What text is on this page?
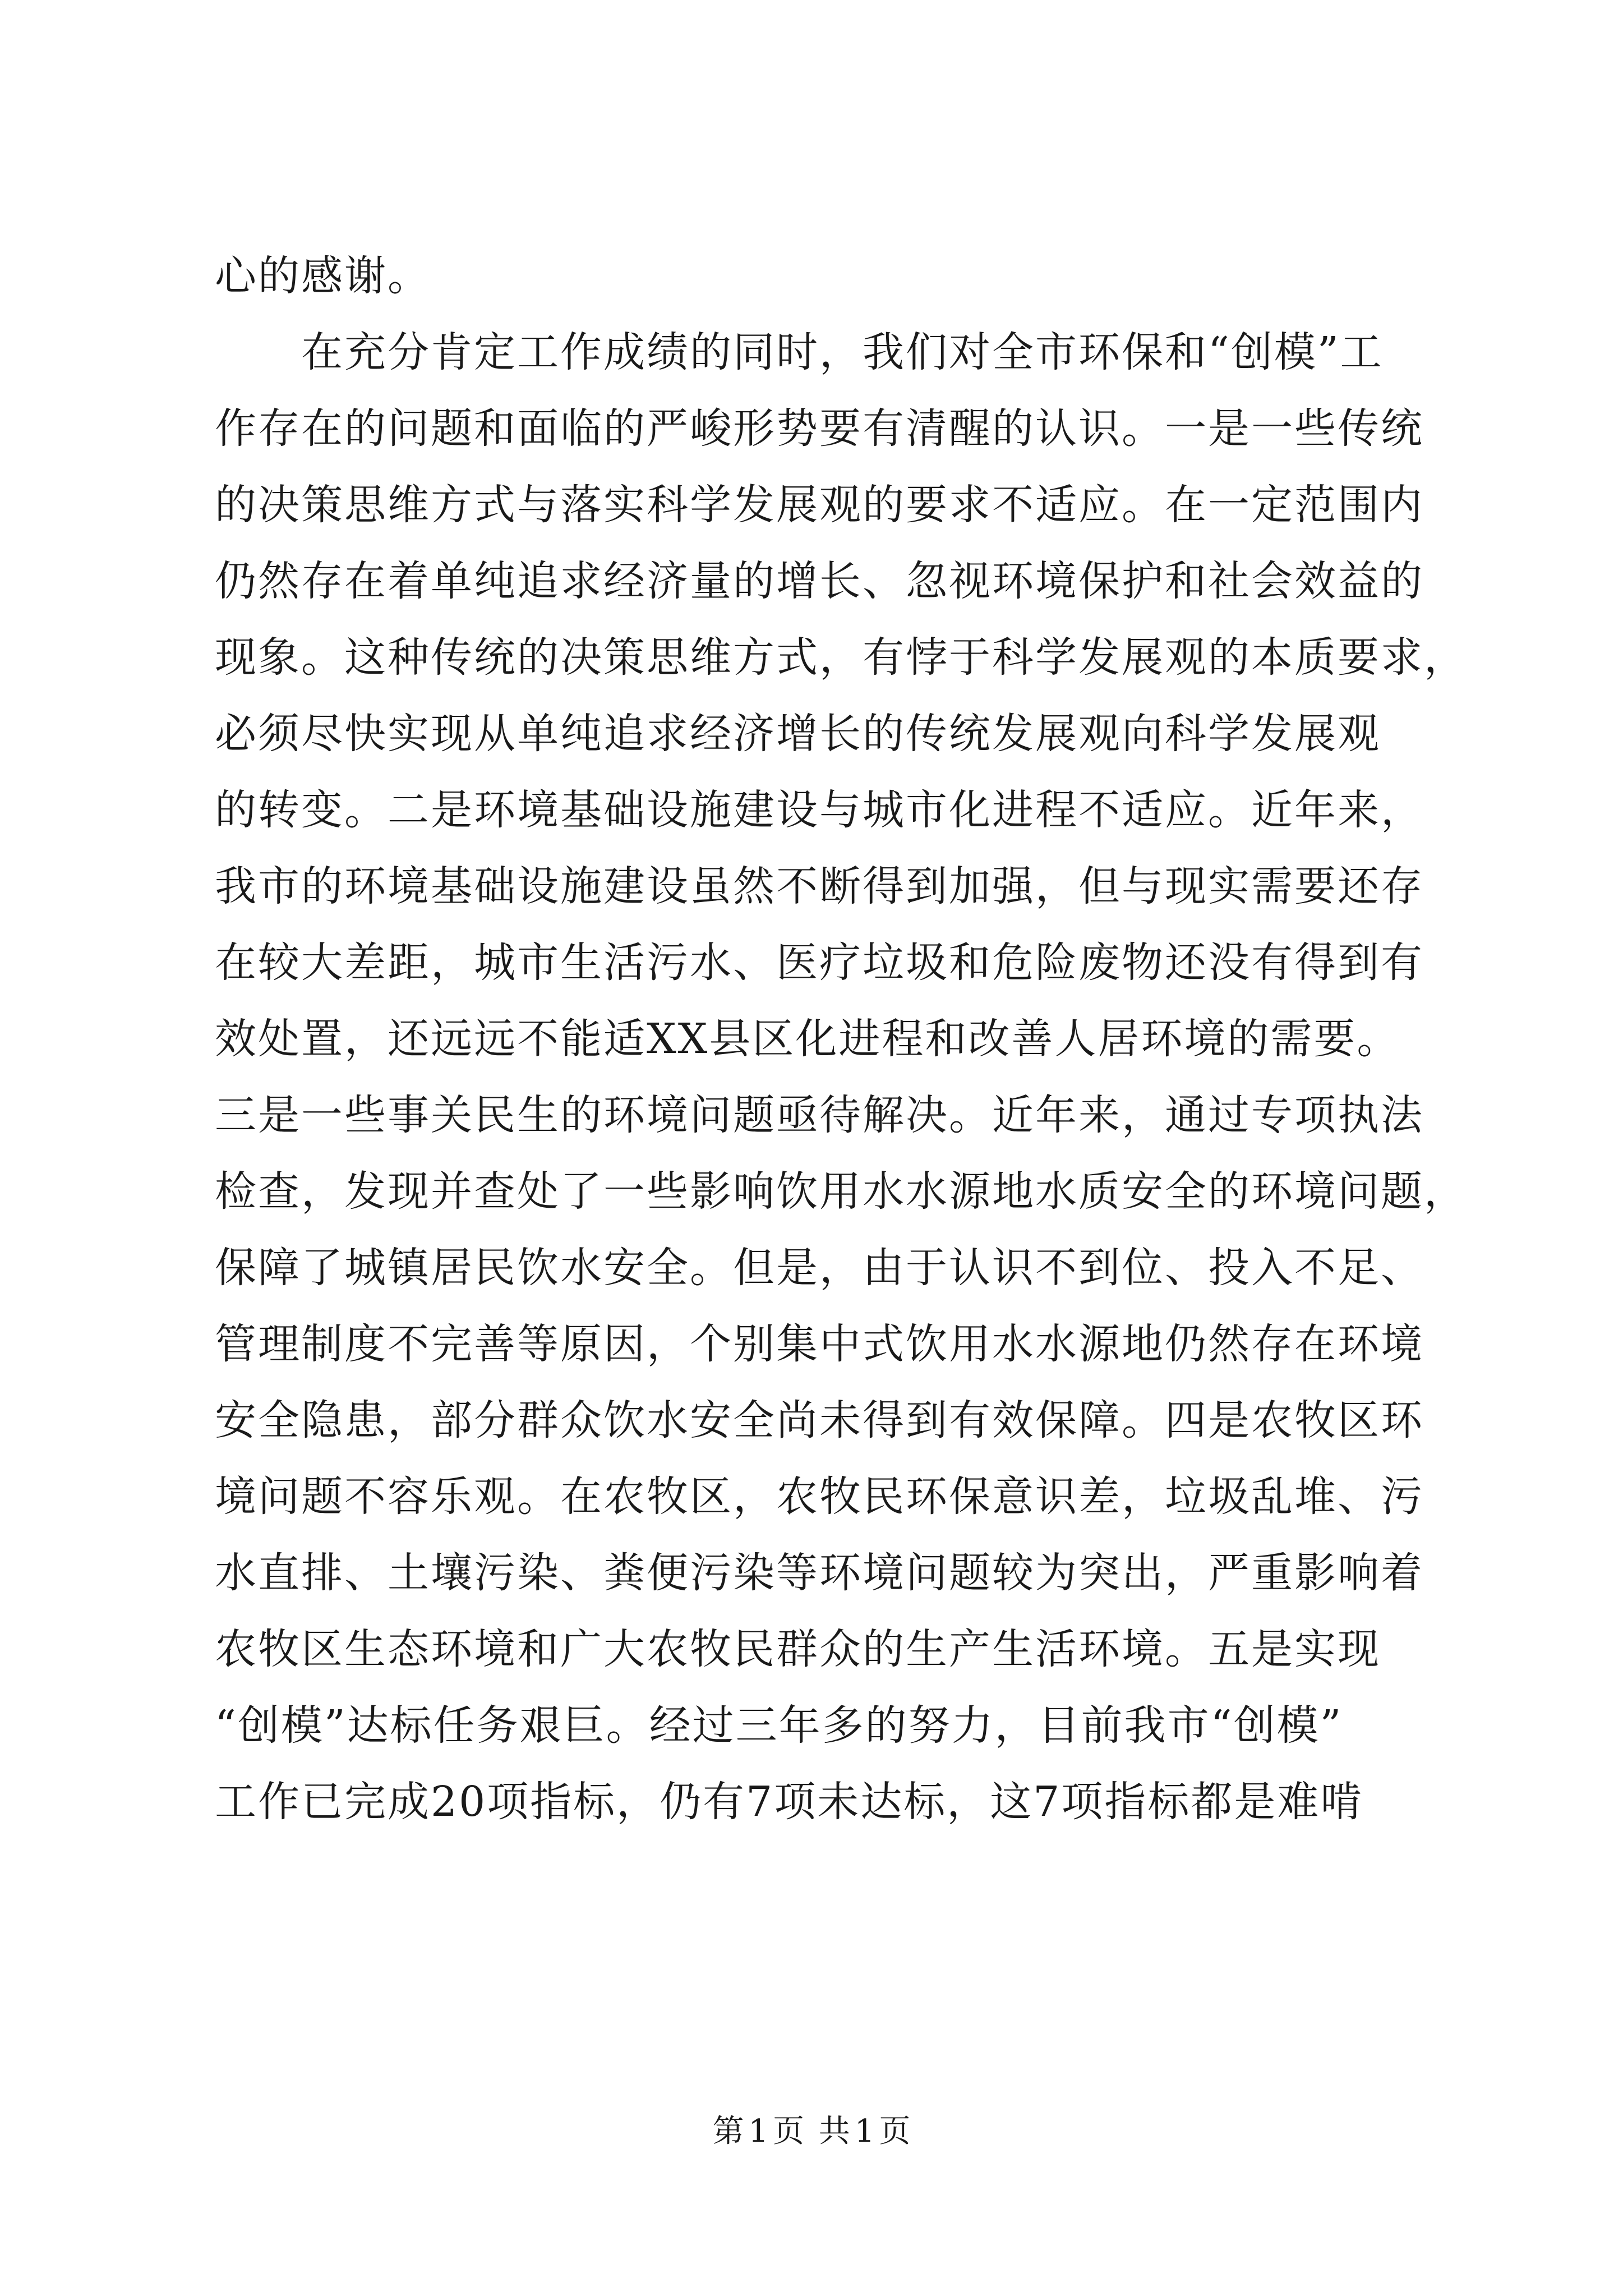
心的感谢。
　　在充分肯定工作成绩的同时，我们对全市环保和“创模”工
作存在的问题和面临的严峻形势要有清醒的认识。一是一些传统
的决策思维方式与落实科学发展观的要求不适应。在一定范围内
仍然存在着单纯追求经济量的增长、忽视环境保护和社会效益的
现象。这种传统的决策思维方式，有悖于科学发展观的本质要求，
必须尽快实现从单纯追求经济增长的传统发展观向科学发展观
的转变。二是环境基础设施建设与城市化进程不适应。近年来，
我市的环境基础设施建设虽然不断得到加强，但与现实需要还存
在较大差距，城市生活污水、医疗垃圾和危险废物还没有得到有
效处置，还远远不能适XX县区化进程和改善人居环境的需要。
三是一些事关民生的环境问题亟待解决。近年来，通过专项执法
检查，发现并查处了一些影响饮用水水源地水质安全的环境问题，
保障了城镇居民饮水安全。但是，由于认识不到位、投入不足、
管理制度不完善等原因，个别集中式饮用水水源地仍然存在环境
安全隐患，部分群众饮水安全尚未得到有效保障。四是农牧区环
境问题不容乐观。在农牧区，农牧民环保意识差，垃圾乱堆、污
水直排、土壤污染、粪便污染等环境问题较为突出，严重影响着
农牧区生态环境和广大农牧民群众的生产生活环境。五是实现
“创模”达标任务艰巨。经过三年多的努力，目前我市“创模”
工作已完成20项指标，仍有7项未达标，这7项指标都是难啃
第 1 页 共 1 页
